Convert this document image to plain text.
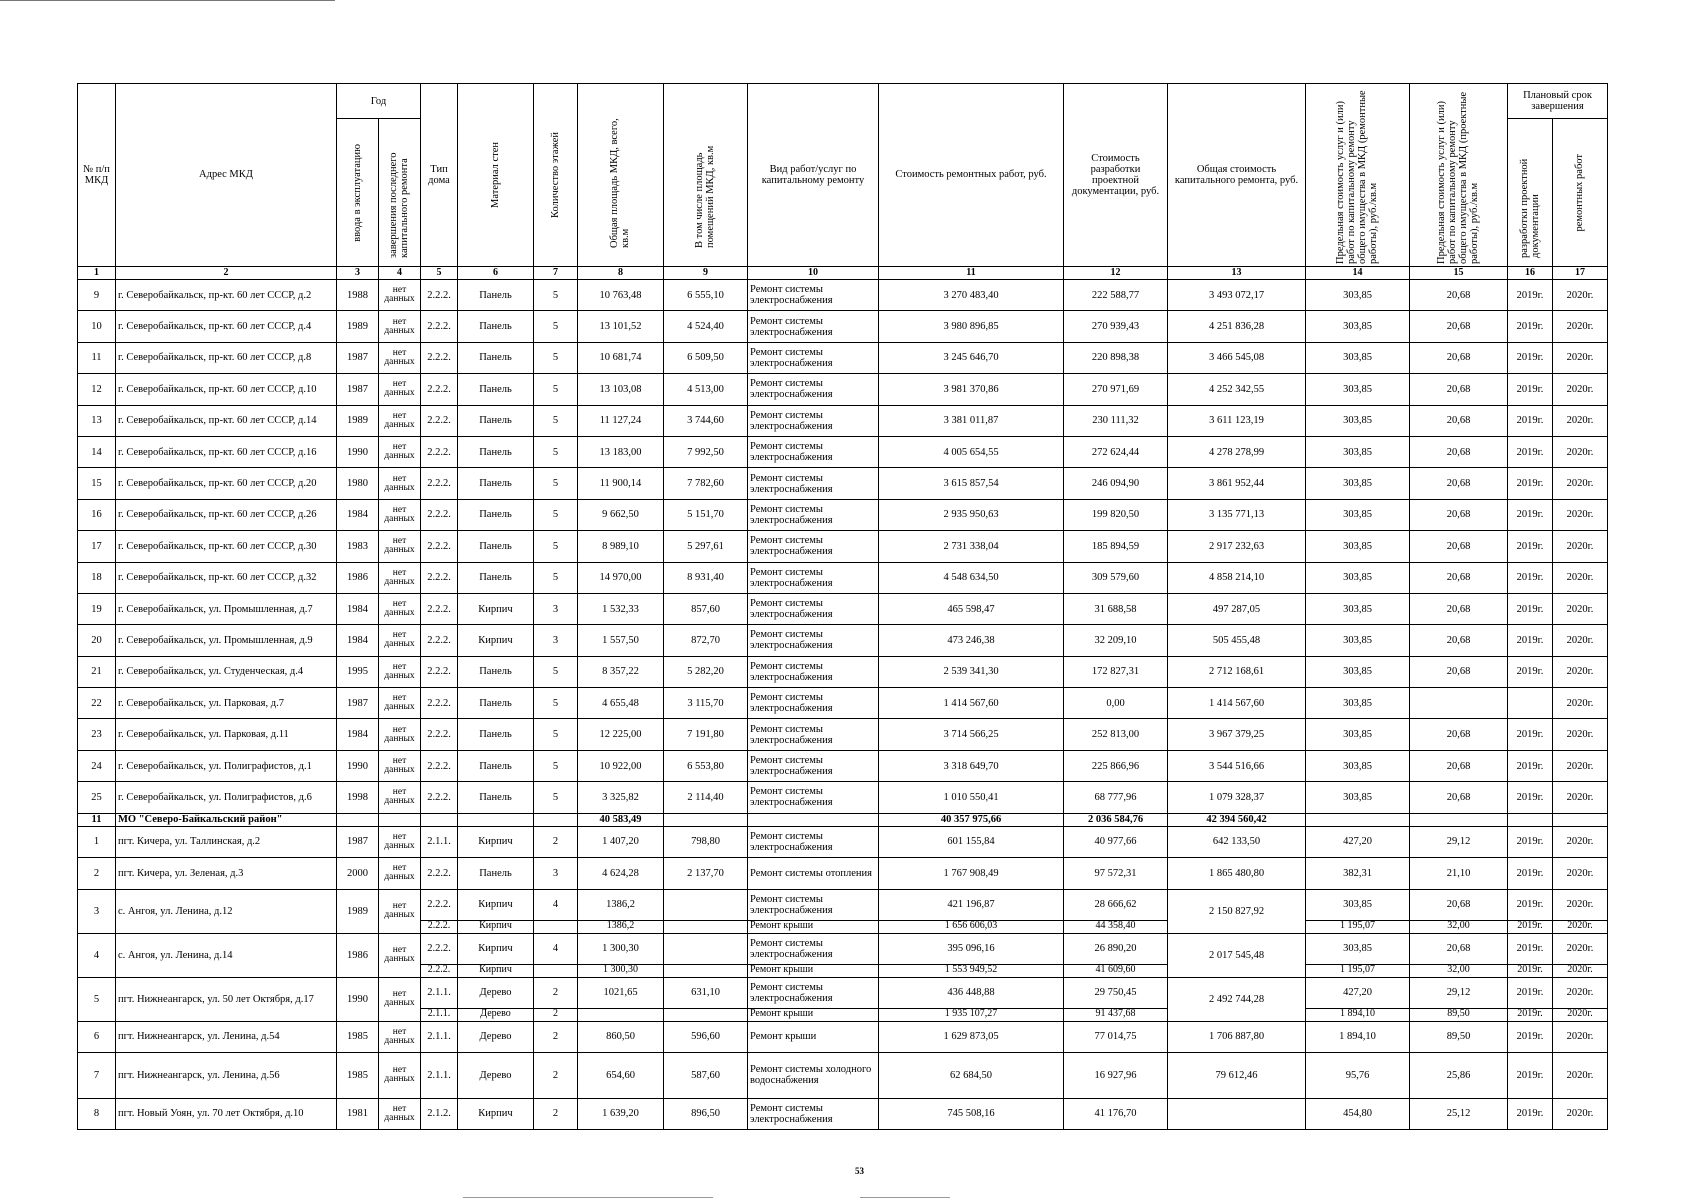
№ п/п МКД	Адрес МКД	Год		Тип дома	Материал стен	Количество этажей	Общая площадь МКД, всего, кв.м	В том числе площадь помещений МКД, кв.м	Вид работ/услуг по капитальному ремонту	Стоимость ремонтных работ, руб.	Стоимость разработки проектной документации, руб.	Общая стоимость капитального ремонта, руб.	Предельная стоимость услуг и (или) работ по капитальному ремонту общего имущества в МКД (ремонтные работы), руб./кв.м	Предельная стоимость услуг и (или) работ по капитальному ремонту общего имущества в МКД (проектные работы), руб./кв.м	Плановый срок завершения	

		ввода в эксплуатацию	завершения последнего капитального ремонта												разработки проектной документации	ремонтных работ

1	2	3	4	5	6	7	8	9	10	11	12	13	14	15	16	17
9	г. Северобайкальск, пр-кт. 60 лет СССР, д.2	1988	нет данных	2.2.2.	Панель	5	10 763,48	6 555,10	Ремонт системы электроснабжения	3 270 483,40	222 588,77	3 493 072,17	303,85	20,68	2019г.	2020г.
10	г. Северобайкальск, пр-кт. 60 лет СССР, д.4	1989	нет данных	2.2.2.	Панель	5	13 101,52	4 524,40	Ремонт системы электроснабжения	3 980 896,85	270 939,43	4 251 836,28	303,85	20,68	2019г.	2020г.
11	г. Северобайкальск, пр-кт. 60 лет СССР, д.8	1987	нет данных	2.2.2.	Панель	5	10 681,74	6 509,50	Ремонт системы электроснабжения	3 245 646,70	220 898,38	3 466 545,08	303,85	20,68	2019г.	2020г.
12	г. Северобайкальск, пр-кт. 60 лет СССР, д.10	1987	нет данных	2.2.2.	Панель	5	13 103,08	4 513,00	Ремонт системы электроснабжения	3 981 370,86	270 971,69	4 252 342,55	303,85	20,68	2019г.	2020г.
13	г. Северобайкальск, пр-кт. 60 лет СССР, д.14	1989	нет данных	2.2.2.	Панель	5	11 127,24	3 744,60	Ремонт системы электроснабжения	3 381 011,87	230 111,32	3 611 123,19	303,85	20,68	2019г.	2020г.
14	г. Северобайкальск, пр-кт. 60 лет СССР, д.16	1990	нет данных	2.2.2.	Панель	5	13 183,00	7 992,50	Ремонт системы электроснабжения	4 005 654,55	272 624,44	4 278 278,99	303,85	20,68	2019г.	2020г.
15	г. Северобайкальск, пр-кт. 60 лет СССР, д.20	1980	нет данных	2.2.2.	Панель	5	11 900,14	7 782,60	Ремонт системы электроснабжения	3 615 857,54	246 094,90	3 861 952,44	303,85	20,68	2019г.	2020г.
16	г. Северобайкальск, пр-кт. 60 лет СССР, д.26	1984	нет данных	2.2.2.	Панель	5	9 662,50	5 151,70	Ремонт системы электроснабжения	2 935 950,63	199 820,50	3 135 771,13	303,85	20,68	2019г.	2020г.
17	г. Северобайкальск, пр-кт. 60 лет СССР, д.30	1983	нет данных	2.2.2.	Панель	5	8 989,10	5 297,61	Ремонт системы электроснабжения	2 731 338,04	185 894,59	2 917 232,63	303,85	20,68	2019г.	2020г.
18	г. Северобайкальск, пр-кт. 60 лет СССР, д.32	1986	нет данных	2.2.2.	Панель	5	14 970,00	8 931,40	Ремонт системы электроснабжения	4 548 634,50	309 579,60	4 858 214,10	303,85	20,68	2019г.	2020г.
19	г. Северобайкальск, ул. Промышленная, д.7	1984	нет данных	2.2.2.	Кирпич	3	1 532,33	857,60	Ремонт системы электроснабжения	465 598,47	31 688,58	497 287,05	303,85	20,68	2019г.	2020г.
20	г. Северобайкальск, ул. Промышленная, д.9	1984	нет данных	2.2.2.	Кирпич	3	1 557,50	872,70	Ремонт системы электроснабжения	473 246,38	32 209,10	505 455,48	303,85	20,68	2019г.	2020г.
21	г. Северобайкальск, ул. Студенческая, д.4	1995	нет данных	2.2.2.	Панель	5	8 357,22	5 282,20	Ремонт системы электроснабжения	2 539 341,30	172 827,31	2 712 168,61	303,85	20,68	2019г.	2020г.
22	г. Северобайкальск, ул. Парковая, д.7	1987	нет данных	2.2.2.	Панель	5	4 655,48	3 115,70	Ремонт системы электроснабжения	1 414 567,60	0,00	1 414 567,60	303,85			2020г.
23	г. Северобайкальск, ул. Парковая, д.11	1984	нет данных	2.2.2.	Панель	5	12 225,00	7 191,80	Ремонт системы электроснабжения	3 714 566,25	252 813,00	3 967 379,25	303,85	20,68	2019г.	2020г.
24	г. Северобайкальск, ул. Полиграфистов, д.1	1990	нет данных	2.2.2.	Панель	5	10 922,00	6 553,80	Ремонт системы электроснабжения	3 318 649,70	225 866,96	3 544 516,66	303,85	20,68	2019г.	2020г.
25	г. Северобайкальск, ул. Полиграфистов, д.6	1998	нет данных	2.2.2.	Панель	5	3 325,82	2 114,40	Ремонт системы электроснабжения	1 010 550,41	68 777,96	1 079 328,37	303,85	20,68	2019г.	2020г.
11	МО "Северо-Байкальский район"						40 583,49			40 357 975,66	2 036 584,76	42 394 560,42				
1	пгт. Кичера, ул. Таллинская, д.2	1987	нет данных	2.1.1.	Кирпич	2	1 407,20	798,80	Ремонт системы электроснабжения	601 155,84	40 977,66	642 133,50	427,20	29,12	2019г.	2020г.
2	пгт. Кичера, ул. Зеленая, д.3	2000	нет данных	2.2.2.	Панель	3	4 624,28	2 137,70	Ремонт системы отопления	1 767 908,49	97 572,31	1 865 480,80	382,31	21,10	2019г.	2020г.
3	с. Ангоя, ул. Ленина, д.12	1989	нет данных	2.2.2.	Кирпич	4	1386,2		Ремонт системы электроснабжения	421 196,87	28 666,62	2 150 827,92	303,85	20,68	2019г.	2020г.
				2.2.2.	Кирпич		1386,2		Ремонт крыши	1 656 606,03	44 358,40		1 195,07	32,00	2019г.	2020г.
4	с. Ангоя, ул. Ленина, д.14	1986	нет данных	2.2.2.	Кирпич	4	1 300,30		Ремонт системы электроснабжения	395 096,16	26 890,20	2 017 545,48	303,85	20,68	2019г.	2020г.
				2.2.2.	Кирпич		1 300,30		Ремонт крыши	1 553 949,52	41 609,60		1 195,07	32,00	2019г.	2020г.
5	пгт. Нижнеангарск, ул. 50 лет Октября, д.17	1990	нет данных	2.1.1.	Дерево	2	1021,65	631,10	Ремонт системы электроснабжения	436 448,88	29 750,45	2 492 744,28	427,20	29,12	2019г.	2020г.
				2.1.1.	Дерево	2			Ремонт крыши	1 935 107,27	91 437,68		1 894,10	89,50	2019г.	2020г.
6	пгт. Нижнеангарск, ул. Ленина, д.54	1985	нет данных	2.1.1.	Дерево	2	860,50	596,60	Ремонт крыши	1 629 873,05	77 014,75	1 706 887,80	1 894,10	89,50	2019г.	2020г.
7	пгт. Нижнеангарск, ул. Ленина, д.56	1985	нет данных	2.1.1.	Дерево	2	654,60	587,60	Ремонт системы холодного водоснабжения	62 684,50	16 927,96	79 612,46	95,76	25,86	2019г.	2020г.
8	пгт. Новый Уоян, ул. 70 лет Октября, д.10	1981	нет данных	2.1.2.	Кирпич	2	1 639,20	896,50	Ремонт системы электроснабжения	745 508,16	41 176,70		454,80	25,12	2019г.	2020г.
53
